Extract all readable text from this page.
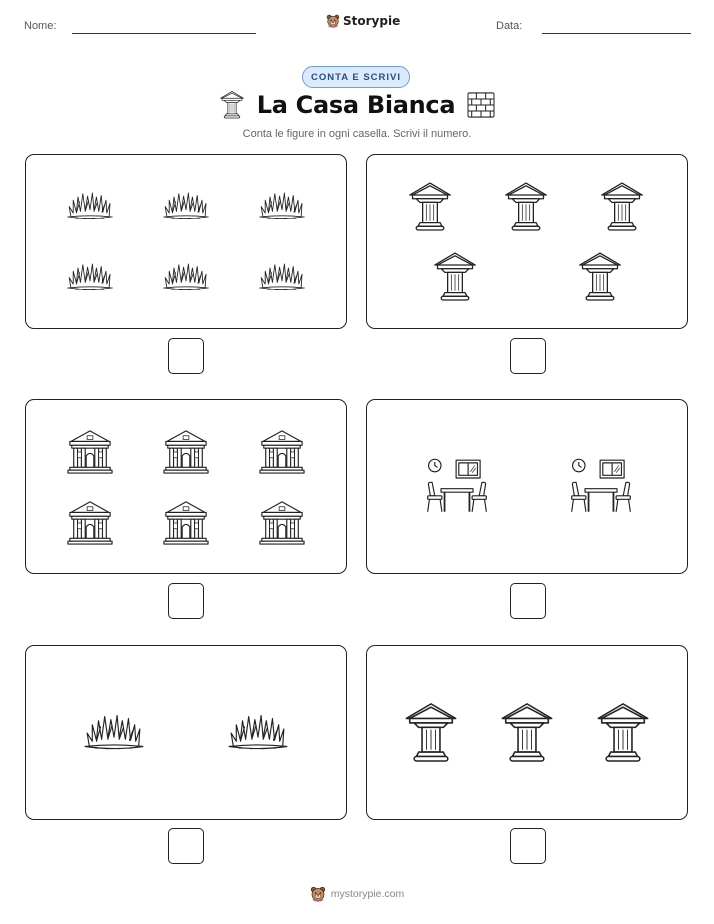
Nome:	Storypie	Data:
CONTA E SCRIVI
La Casa Bianca
Conta le figure in ogni casella. Scrivi il numero.
mystorypie.com
